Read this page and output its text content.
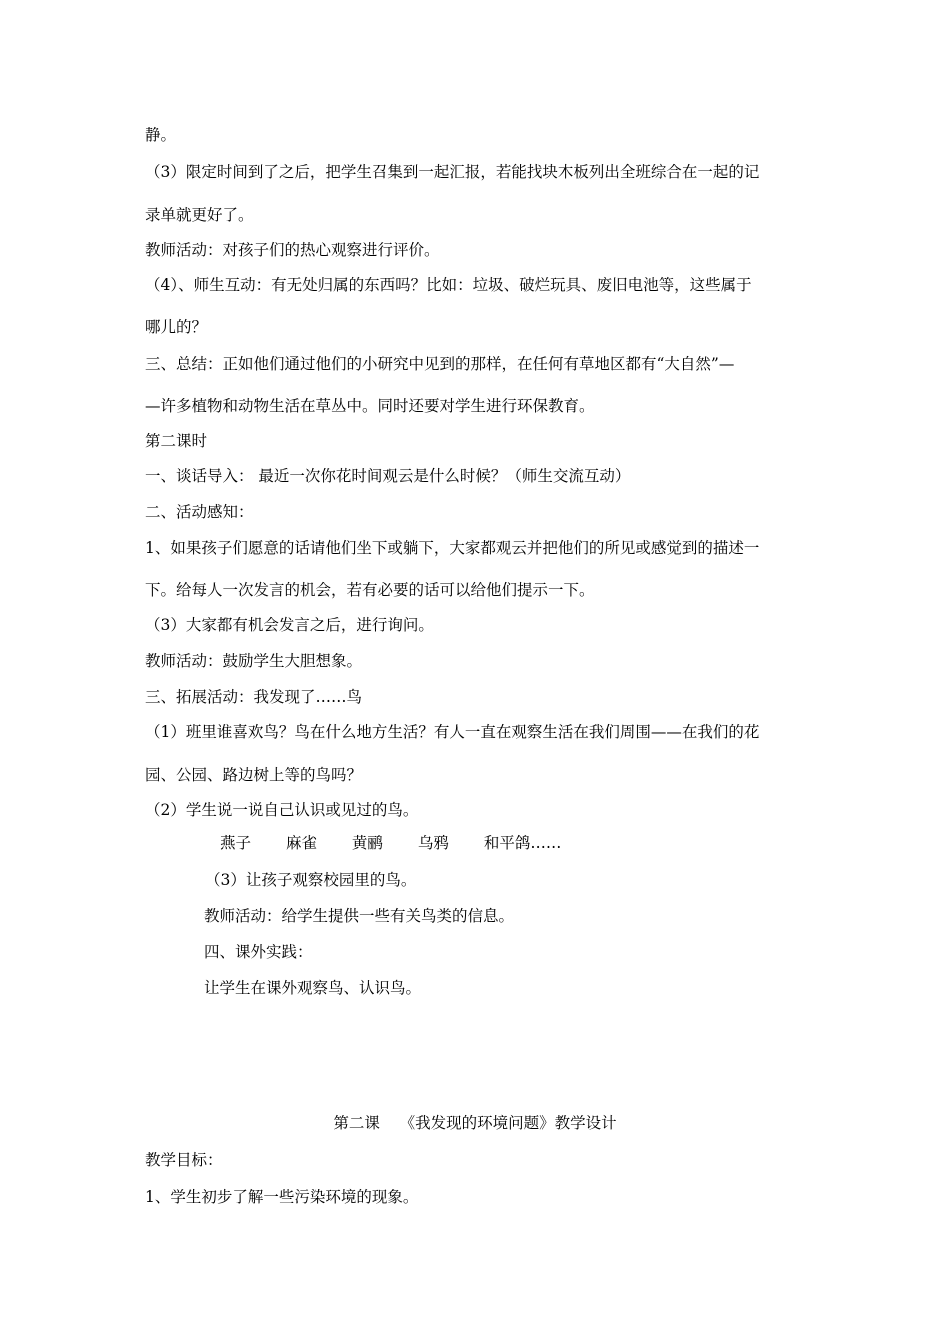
静。
（3）限定时间到了之后，把学生召集到一起汇报，若能找块木板列出全班综合在一起的记
录单就更好了。
教师活动：对孩子们的热心观察进行评价。
（4）、师生互动：有无处归属的东西吗？比如：垃圾、破烂玩具、废旧电池等，这些属于
哪儿的？
三、总结：正如他们通过他们的小研究中见到的那样，在任何有草地区都有“大自然”—
—许多植物和动物生活在草丛中。同时还要对学生进行环保教育。
第二课时
一、谈话导入： 最近一次你花时间观云是什么时候？（师生交流互动）
二、活动感知：
1、如果孩子们愿意的话请他们坐下或躺下，大家都观云并把他们的所见或感觉到的描述一
下。给每人一次发言的机会，若有必要的话可以给他们提示一下。
（3）大家都有机会发言之后，进行询问。
教师活动：鼓励学生大胆想象。
三、拓展活动：我发现了……鸟
（1）班里谁喜欢鸟？鸟在什么地方生活？有人一直在观察生活在我们周围——在我们的花
园、公园、路边树上等的鸟吗？
（2）学生说一说自己认识或见过的鸟。
燕子 麻雀 黄鹂 乌鸦 和平鸽……
（3）让孩子观察校园里的鸟。
教师活动：给学生提供一些有关鸟类的信息。
四、课外实践：
让学生在课外观察鸟、认识鸟。
第二课    《我发现的环境问题》教学设计
教学目标：
1、学生初步了解一些污染环境的现象。
